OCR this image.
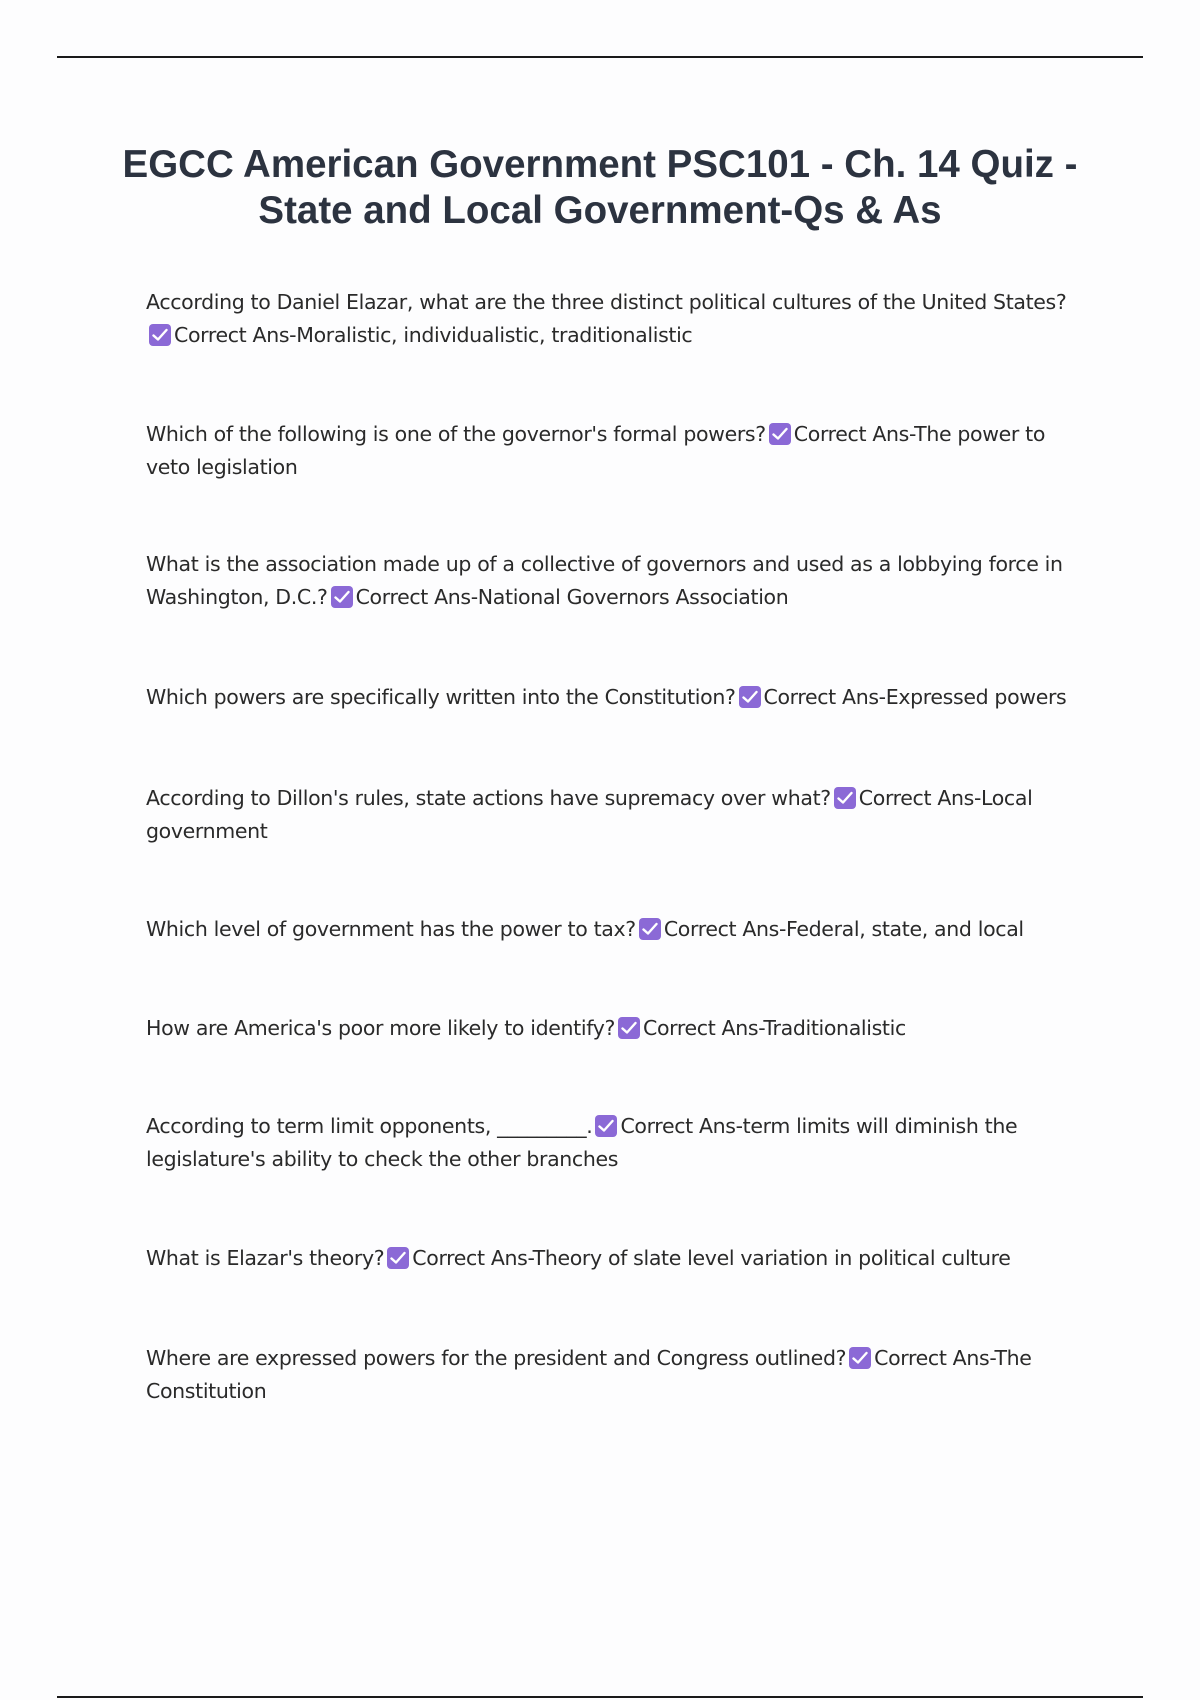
EGCC American Government PSC101 - Ch. 14 Quiz - State and Local Government-Qs & As

According to Daniel Elazar, what are the three distinct political cultures of the United States?
Correct Ans-Moralistic, individualistic, traditionalistic

Which of the following is one of the governor's formal powers? Correct Ans-The power to veto legislation

What is the association made up of a collective of governors and used as a lobbying force in Washington, D.C.? Correct Ans-National Governors Association

Which powers are specifically written into the Constitution? Correct Ans-Expressed powers

According to Dillon's rules, state actions have supremacy over what? Correct Ans-Local government

Which level of government has the power to tax? Correct Ans-Federal, state, and local

How are America's poor more likely to identify? Correct Ans-Traditionalistic

According to term limit opponents, _________. Correct Ans-term limits will diminish the legislature's ability to check the other branches

What is Elazar's theory? Correct Ans-Theory of slate level variation in political culture

Where are expressed powers for the president and Congress outlined? Correct Ans-The Constitution
